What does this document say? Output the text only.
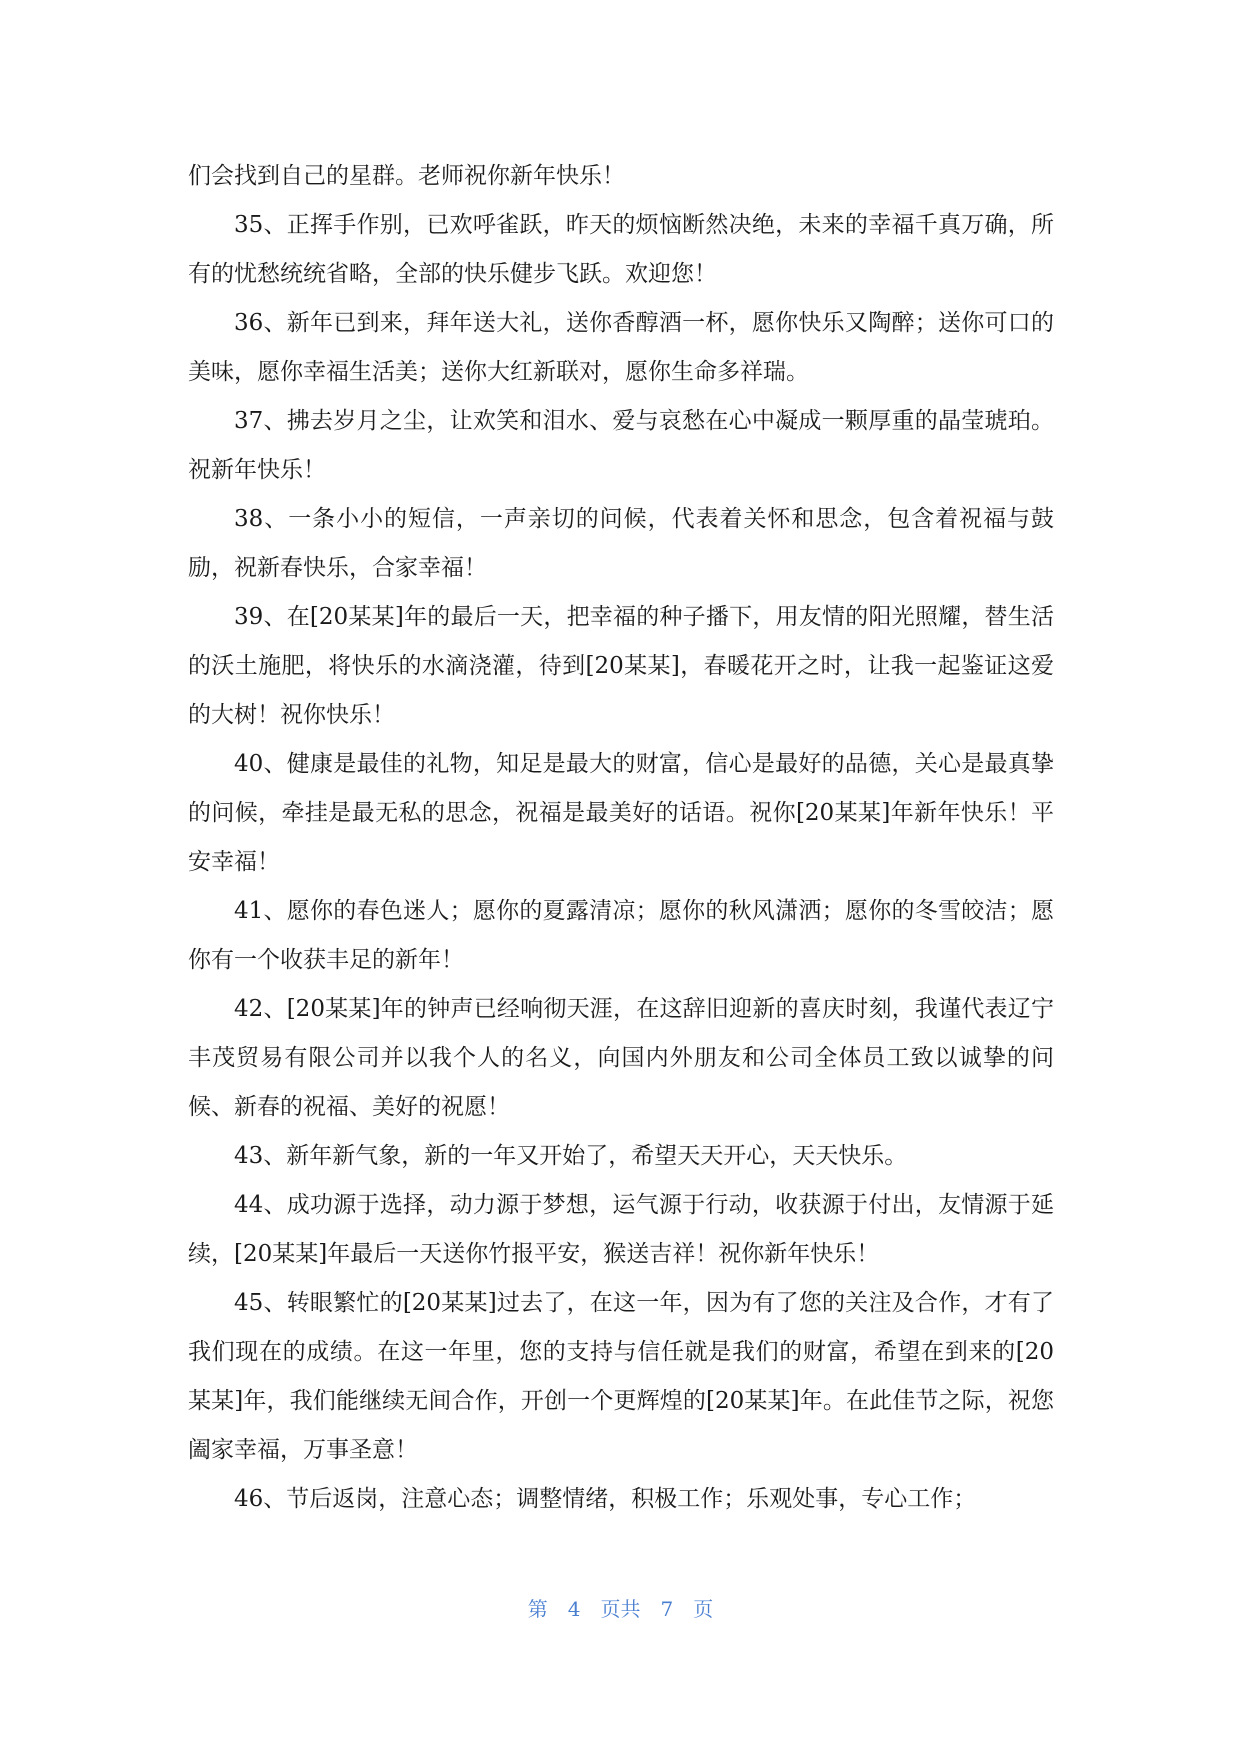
们会找到自己的星群。老师祝你新年快乐！

35、正挥手作别，已欢呼雀跃，昨天的烦恼断然决绝，未来的幸福千真万确，所有的忧愁统统省略，全部的快乐健步飞跃。欢迎您！

36、新年已到来，拜年送大礼，送你香醇酒一杯，愿你快乐又陶醉；送你可口的美味，愿你幸福生活美；送你大红新联对，愿你生命多祥瑞。

37、拂去岁月之尘，让欢笑和泪水、爱与哀愁在心中凝成一颗厚重的晶莹琥珀。祝新年快乐！

38、一条小小的短信，一声亲切的问候，代表着关怀和思念，包含着祝福与鼓励，祝新春快乐，合家幸福！

39、在[20某某]年的最后一天，把幸福的种子播下，用友情的阳光照耀，替生活的沃土施肥，将快乐的水滴浇灌，待到[20某某]，春暖花开之时，让我一起鉴证这爱的大树！祝你快乐！

40、健康是最佳的礼物，知足是最大的财富，信心是最好的品德，关心是最真挚的问候，牵挂是最无私的思念，祝福是最美好的话语。祝你[20某某]年新年快乐！平安幸福！

41、愿你的春色迷人；愿你的夏露清凉；愿你的秋风潇洒；愿你的冬雪皎洁；愿你有一个收获丰足的新年！

42、[20某某]年的钟声已经响彻天涯，在这辞旧迎新的喜庆时刻，我谨代表辽宁丰茂贸易有限公司并以我个人的名义，向国内外朋友和公司全体员工致以诚挚的问候、新春的祝福、美好的祝愿！

43、新年新气象，新的一年又开始了，希望天天开心，天天快乐。

44、成功源于选择，动力源于梦想，运气源于行动，收获源于付出，友情源于延续，[20某某]年最后一天送你竹报平安，猴送吉祥！祝你新年快乐！

45、转眼繁忙的[20某某]过去了，在这一年，因为有了您的关注及合作，才有了我们现在的成绩。在这一年里，您的支持与信任就是我们的财富，希望在到来的[20某某]年，我们能继续无间合作，开创一个更辉煌的[20某某]年。在此佳节之际，祝您阖家幸福，万事圣意！

46、节后返岗，注意心态；调整情绪，积极工作；乐观处事，专心工作；

第 4 页共 7 页
